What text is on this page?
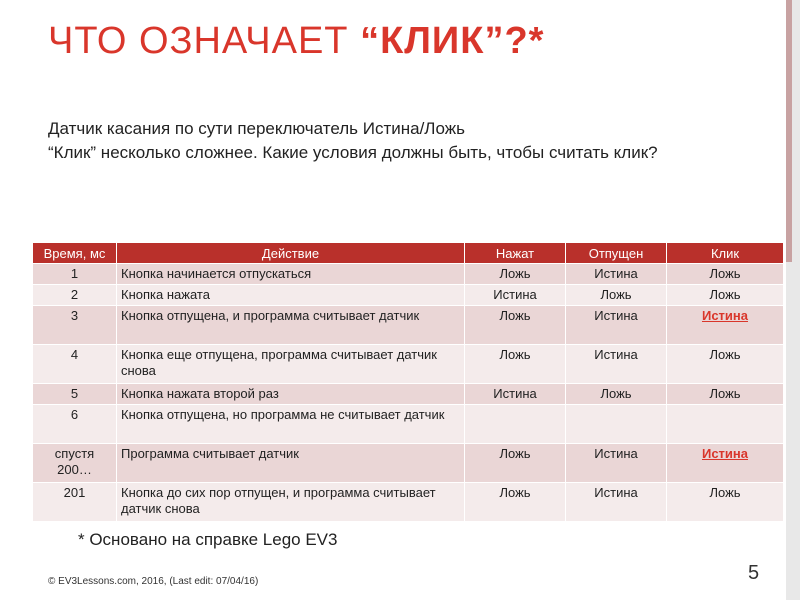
ЧТО ОЗНАЧАЕТ “КЛИК”?*
Датчик касания по сути переключатель Истина/Ложь
“Клик” несколько сложнее. Какие условия должны быть, чтобы считать клик?
Время, мс	Действие	Нажат	Отпущен	Клик
1	Кнопка начинается отпускаться	Ложь	Истина	Ложь
2	Кнопка нажата	Истина	Ложь	Ложь
3	Кнопка отпущена, и программа считывает датчик	Ложь	Истина	Истина
4	Кнопка еще отпущена, программа считывает датчик снова	Ложь	Истина	Ложь
5	Кнопка нажата второй раз	Истина	Ложь	Ложь
6	Кнопка отпущена, но программа не считывает датчик			
спустя 200…	Программа считывает датчик	Ложь	Истина	Истина
201	Кнопка до сих пор отпущен, и программа считывает датчик снова	Ложь	Истина	Ложь
* Основано на справке Lego EV3
© EV3Lessons.com, 2016, (Last edit: 07/04/16)	5
